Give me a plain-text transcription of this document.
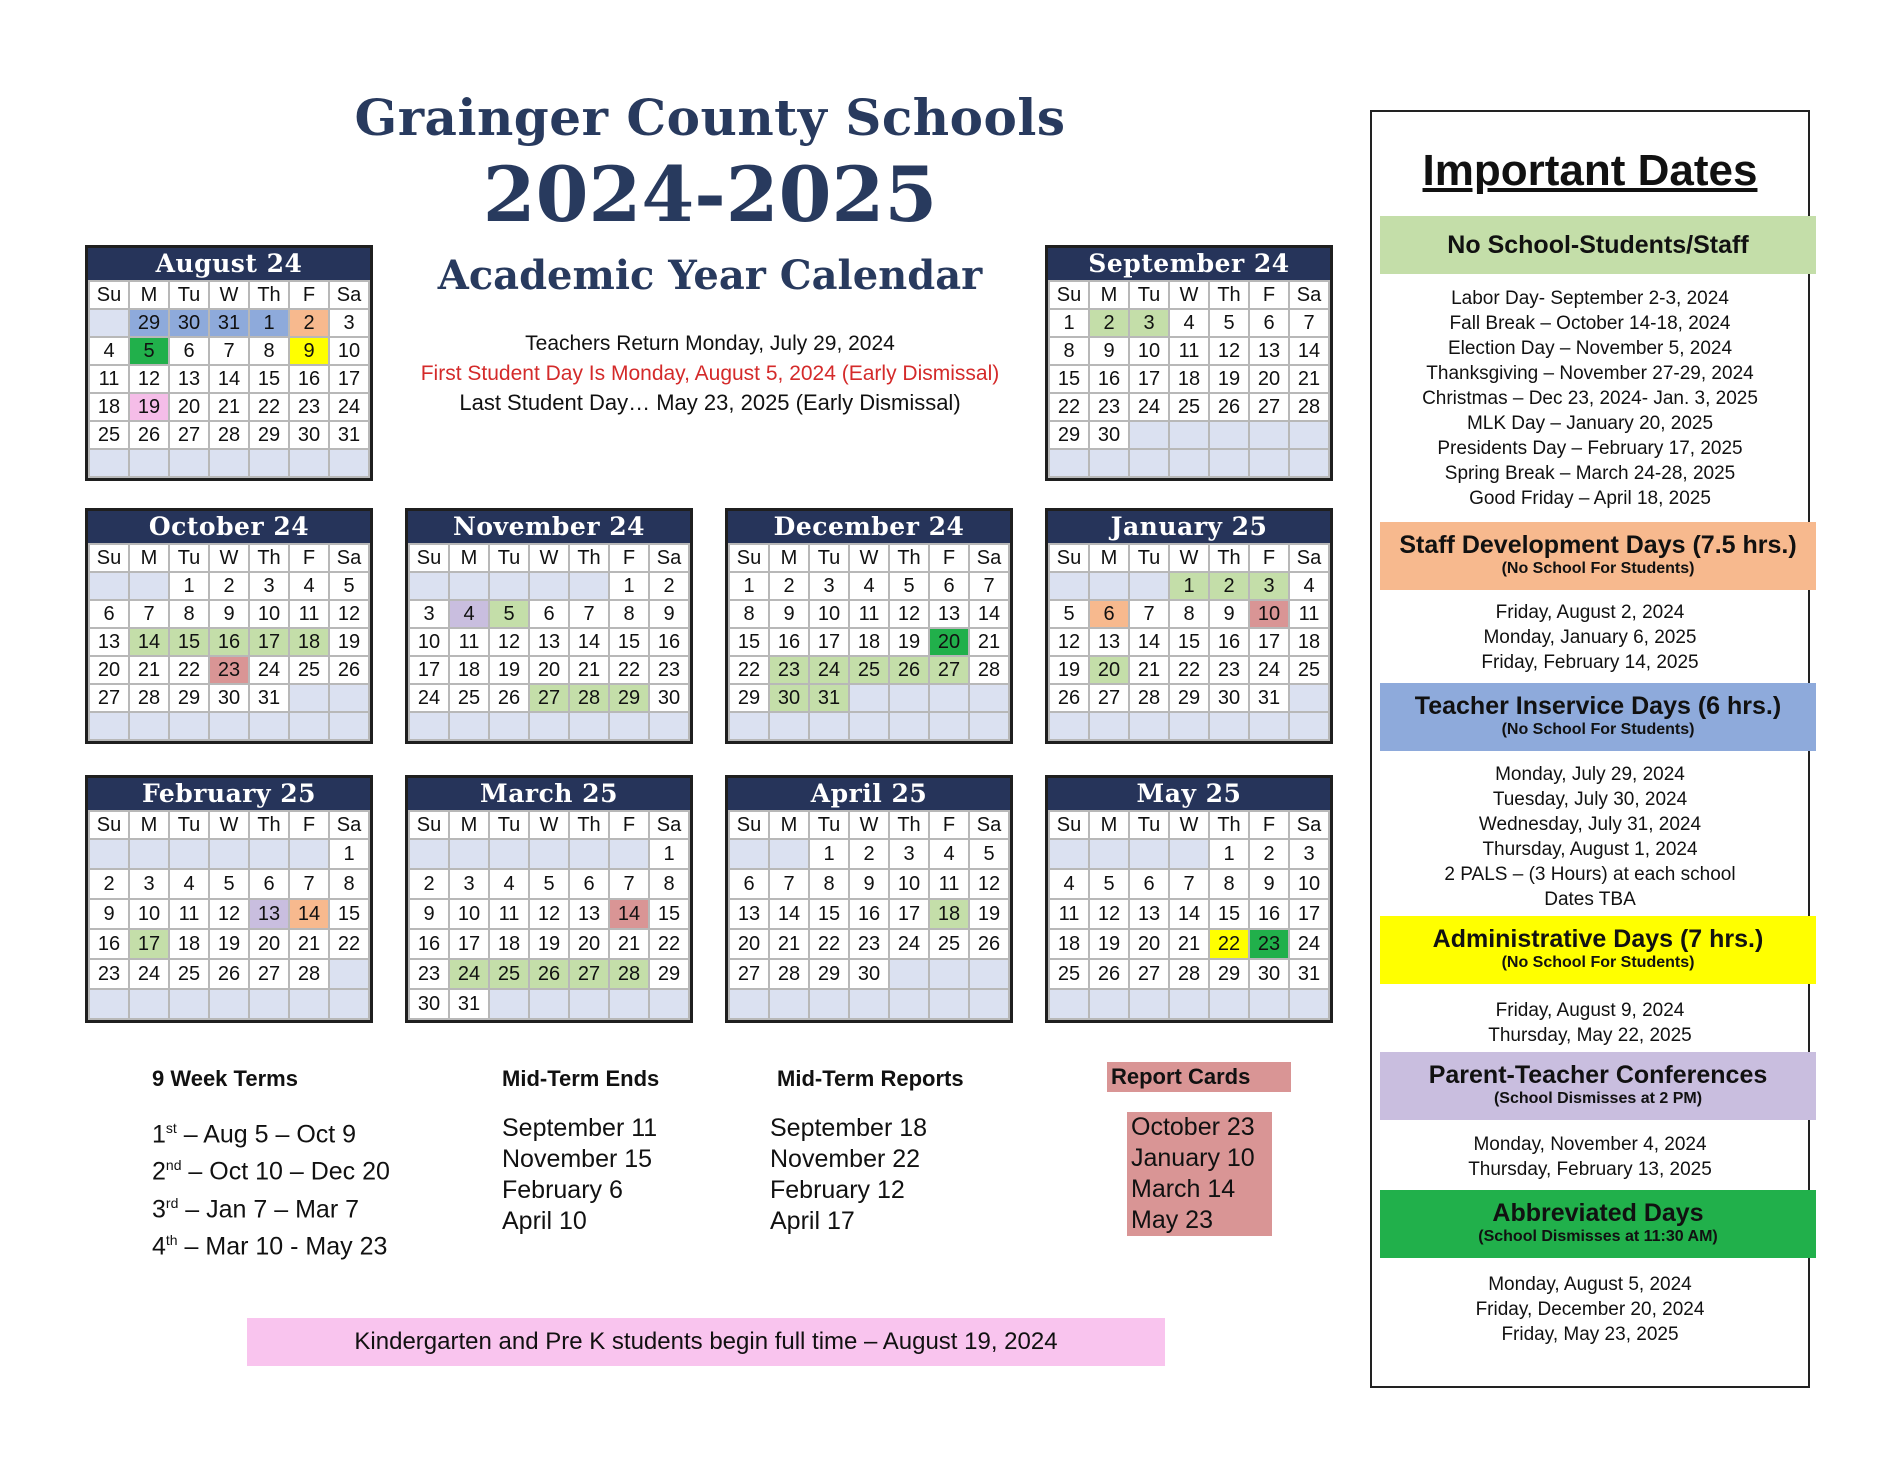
Grainger County Schools
2024-2025
Academic Year Calendar
Teachers Return Monday, July 29, 2024
First Student Day Is Monday, August 5, 2024 (Early Dismissal)
Last Student Day… May 23, 2025 (Early Dismissal)
August 24
Su	M	Tu	W	Th	F	Sa
	29	30	31	1	2	3
4	5	6	7	8	9	10
11	12	13	14	15	16	17
18	19	20	21	22	23	24
25	26	27	28	29	30	31

September 24
Su	M	Tu	W	Th	F	Sa
1	2	3	4	5	6	7
8	9	10	11	12	13	14
15	16	17	18	19	20	21
22	23	24	25	26	27	28
29	30					

October 24
Su	M	Tu	W	Th	F	Sa
		1	2	3	4	5
6	7	8	9	10	11	12
13	14	15	16	17	18	19
20	21	22	23	24	25	26
27	28	29	30	31		

November 24
Su	M	Tu	W	Th	F	Sa
					1	2
3	4	5	6	7	8	9
10	11	12	13	14	15	16
17	18	19	20	21	22	23
24	25	26	27	28	29	30

December 24
Su	M	Tu	W	Th	F	Sa
1	2	3	4	5	6	7
8	9	10	11	12	13	14
15	16	17	18	19	20	21
22	23	24	25	26	27	28
29	30	31				

January 25
Su	M	Tu	W	Th	F	Sa
			1	2	3	4
5	6	7	8	9	10	11
12	13	14	15	16	17	18
19	20	21	22	23	24	25
26	27	28	29	30	31	

February 25
Su	M	Tu	W	Th	F	Sa
						1
2	3	4	5	6	7	8
9	10	11	12	13	14	15
16	17	18	19	20	21	22
23	24	25	26	27	28	

March 25
Su	M	Tu	W	Th	F	Sa
						1
2	3	4	5	6	7	8
9	10	11	12	13	14	15
16	17	18	19	20	21	22
23	24	25	26	27	28	29
30	31					
April 25
Su	M	Tu	W	Th	F	Sa
		1	2	3	4	5
6	7	8	9	10	11	12
13	14	15	16	17	18	19
20	21	22	23	24	25	26
27	28	29	30			

May 25
Su	M	Tu	W	Th	F	Sa
				1	2	3
4	5	6	7	8	9	10
11	12	13	14	15	16	17
18	19	20	21	22	23	24
25	26	27	28	29	30	31

9 Week Terms
1st – Aug 5 – Oct 9
2nd – Oct 10 – Dec 20
3rd – Jan 7 – Mar 7
4th – Mar 10 - May 23
Mid-Term Ends
September 11
November 15
February 6
April 10
Mid-Term Reports
September 18
November 22
February 12
April 17
Report Cards
October 23
January 10
March 14
May 23
Kindergarten and Pre K students begin full time – August 19, 2024
Important Dates
No School-Students/Staff
Labor Day- September 2-3, 2024
Fall Break – October 14-18, 2024
Election Day – November 5, 2024
Thanksgiving – November 27-29, 2024
Christmas – Dec 23, 2024- Jan. 3, 2025
MLK Day – January 20, 2025
Presidents Day – February 17, 2025
Spring Break – March 24-28, 2025
Good Friday – April 18, 2025
Staff Development Days (7.5 hrs.)
(No School For Students)
Friday, August 2, 2024
Monday, January 6, 2025
Friday, February 14, 2025
Teacher Inservice Days (6 hrs.)
(No School For Students)
Monday, July 29, 2024
Tuesday, July 30, 2024
Wednesday, July 31, 2024
Thursday, August 1, 2024
2 PALS – (3 Hours) at each school
Dates TBA
Administrative Days (7 hrs.)
(No School For Students)
Friday, August 9, 2024
Thursday, May 22, 2025
Parent-Teacher Conferences
(School Dismisses at 2 PM)
Monday, November 4, 2024
Thursday, February 13, 2025
Abbreviated Days
(School Dismisses at 11:30 AM)
Monday, August 5, 2024
Friday, December 20, 2024
Friday, May 23, 2025
